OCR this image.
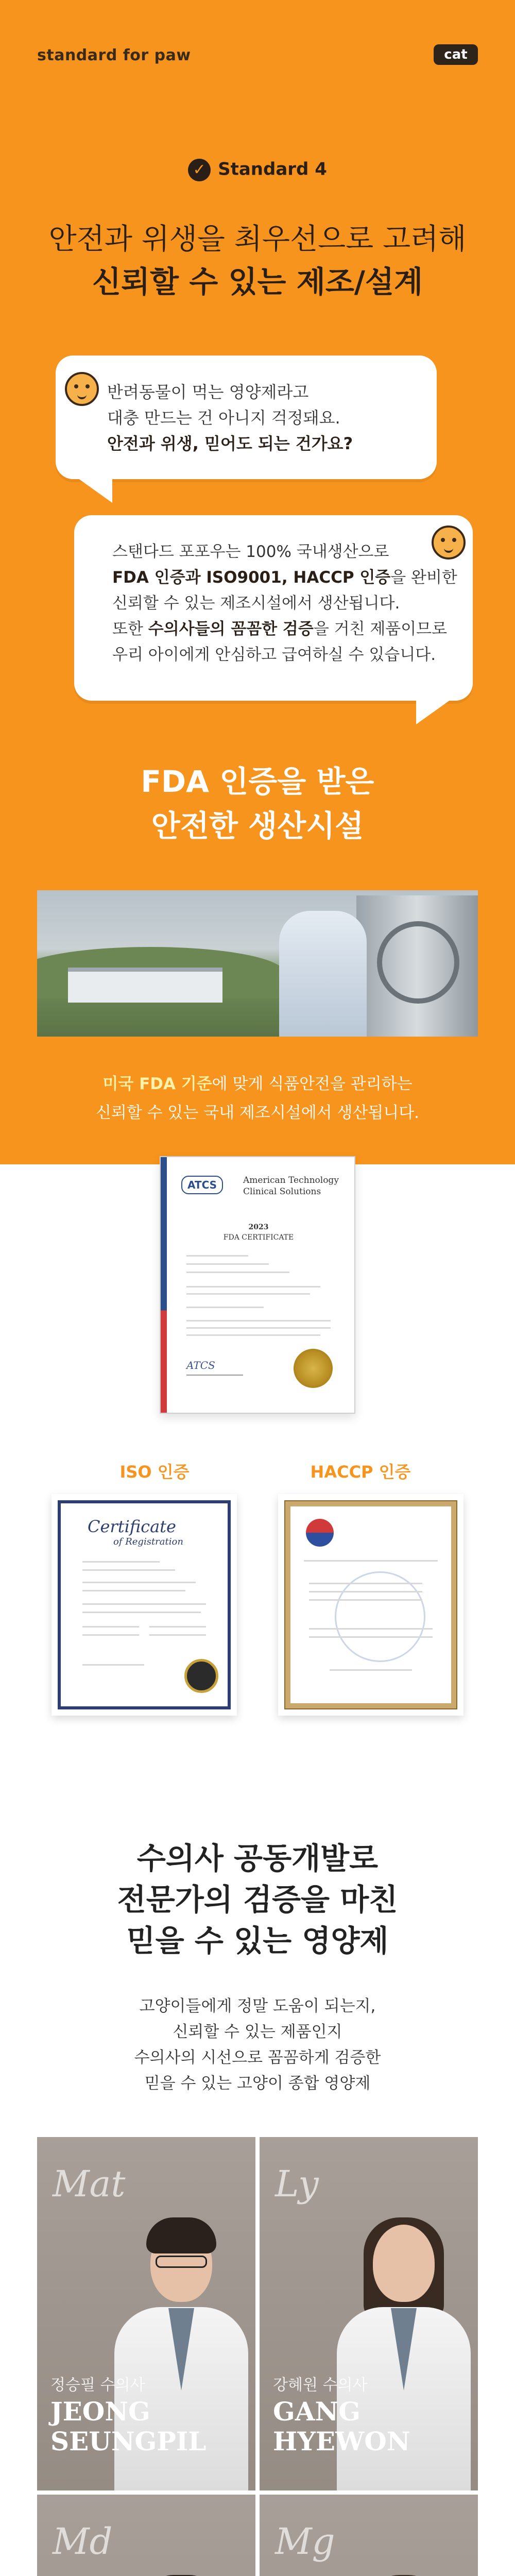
standard for paw	cat
✓ Standard 4
안전과 위생을 최우선으로 고려해
신뢰할 수 있는 제조/설계
반려동물이 먹는 영양제라고
대충 만드는 건 아니지 걱정돼요.
안전과 위생, 믿어도 되는 건가요?
스탠다드 포포우는 100% 국내생산으로
FDA 인증과 ISO9001, HACCP 인증을 완비한
신뢰할 수 있는 제조시설에서 생산됩니다.
또한 수의사들의 꼼꼼한 검증을 거친 제품이므로
우리 아이에게 안심하고 급여하실 수 있습니다.
FDA 인증을 받은
안전한 생산시설
미국 FDA 기준에 맞게 식품안전을 관리하는
신뢰할 수 있는 국내 제조시설에서 생산됩니다.
ATCS	American Technology
Clinical Solutions
2023
FDA CERTIFICATE
ATCS
ISO 인증	HACCP 인증
Certificate
of Registration
수의사 공동개발로
전문가의 검증을 마친
믿을 수 있는 영양제
고양이들에게 정말 도움이 되는지,
신뢰할 수 있는 제품인지
수의사의 시선으로 꼼꼼하게 검증한
믿을 수 있는 고양이 종합 영양제
Mat
정승필 수의사
JEONG
SEUNGPIL
Ly
강혜원 수의사
GANG
HYEWON
Md	Mg
